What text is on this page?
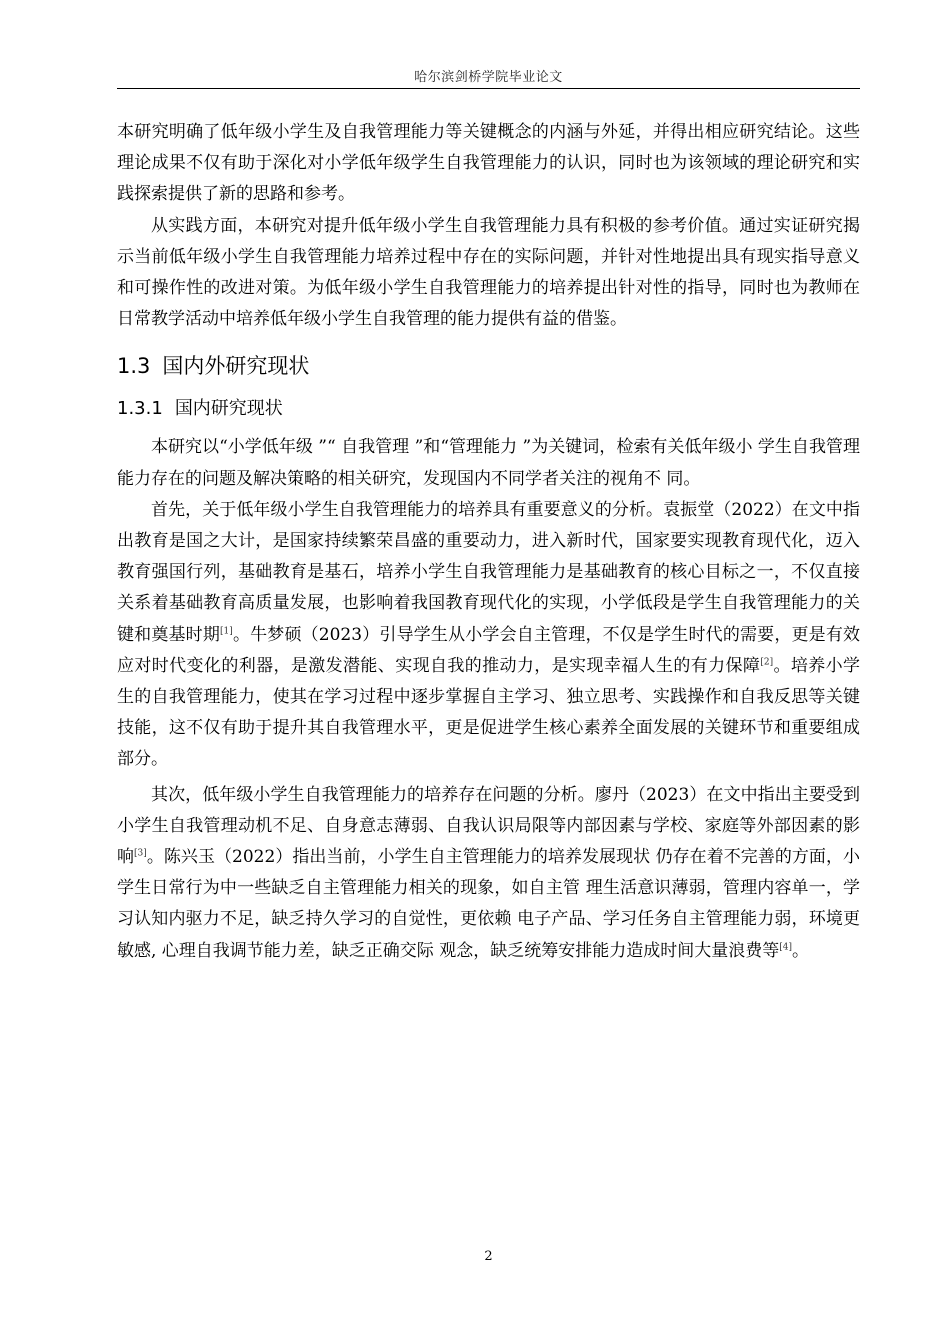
哈尔滨剑桥学院毕业论文

本研究明确了低年级小学生及自我管理能力等关键概念的内涵与外延，并得出相应研究结论。这些理论成果不仅有助于深化对小学低年级学生自我管理能力的认识，同时也为该领域的理论研究和实践探索提供了新的思路和参考。

从实践方面，本研究对提升低年级小学生自我管理能力具有积极的参考价值。通过实证研究揭示当前低年级小学生自我管理能力培养过程中存在的实际问题，并针对性地提出具有现实指导意义和可操作性的改进对策。为低年级小学生自我管理能力的培养提出针对性的指导，同时也为教师在日常教学活动中培养低年级小学生自我管理的能力提供有益的借鉴。

1.3 国内外研究现状
1.3.1 国内研究现状

本研究以“小学低年级 ”“ 自我管理 ”和“管理能力 ”为关键词，检索有关低年级小 学生自我管理能力存在的问题及解决策略的相关研究，发现国内不同学者关注的视角不 同。

首先，关于低年级小学生自我管理能力的培养具有重要意义的分析。袁振堂（2022）在文中指出教育是国之大计，是国家持续繁荣昌盛的重要动力，进入新时代，国家要实现教育现代化，迈入教育强国行列，基础教育是基石，培养小学生自我管理能力是基础教育的核心目标之一，不仅直接关系着基础教育高质量发展，也影响着我国教育现代化的实现，小学低段是学生自我管理能力的关键和奠基时期[1]。牛梦硕（2023）引导学生从小学会自主管理，不仅是学生时代的需要，更是有效应对时代变化的利器，是激发潜能、实现自我的推动力，是实现幸福人生的有力保障[2]。培养小学生的自我管理能力，使其在学习过程中逐步掌握自主学习、独立思考、实践操作和自我反思等关键技能，这不仅有助于提升其自我管理水平，更是促进学生核心素养全面发展的关键环节和重要组成部分。

其次，低年级小学生自我管理能力的培养存在问题的分析。廖丹（2023）在文中指出主要受到小学生自我管理动机不足、自身意志薄弱、自我认识局限等内部因素与学校、家庭等外部因素的影响[3]。陈兴玉（2022）指出当前，小学生自主管理能力的培养发展现状 仍存在着不完善的方面，小学生日常行为中一些缺乏自主管理能力相关的现象，如自主管 理生活意识薄弱，管理内容单一，学习认知内驱力不足，缺乏持久学习的自觉性，更依赖 电子产品、学习任务自主管理能力弱，环境更敏感, 心理自我调节能力差，缺乏正确交际 观念，缺乏统筹安排能力造成时间大量浪费等[4]。

2
